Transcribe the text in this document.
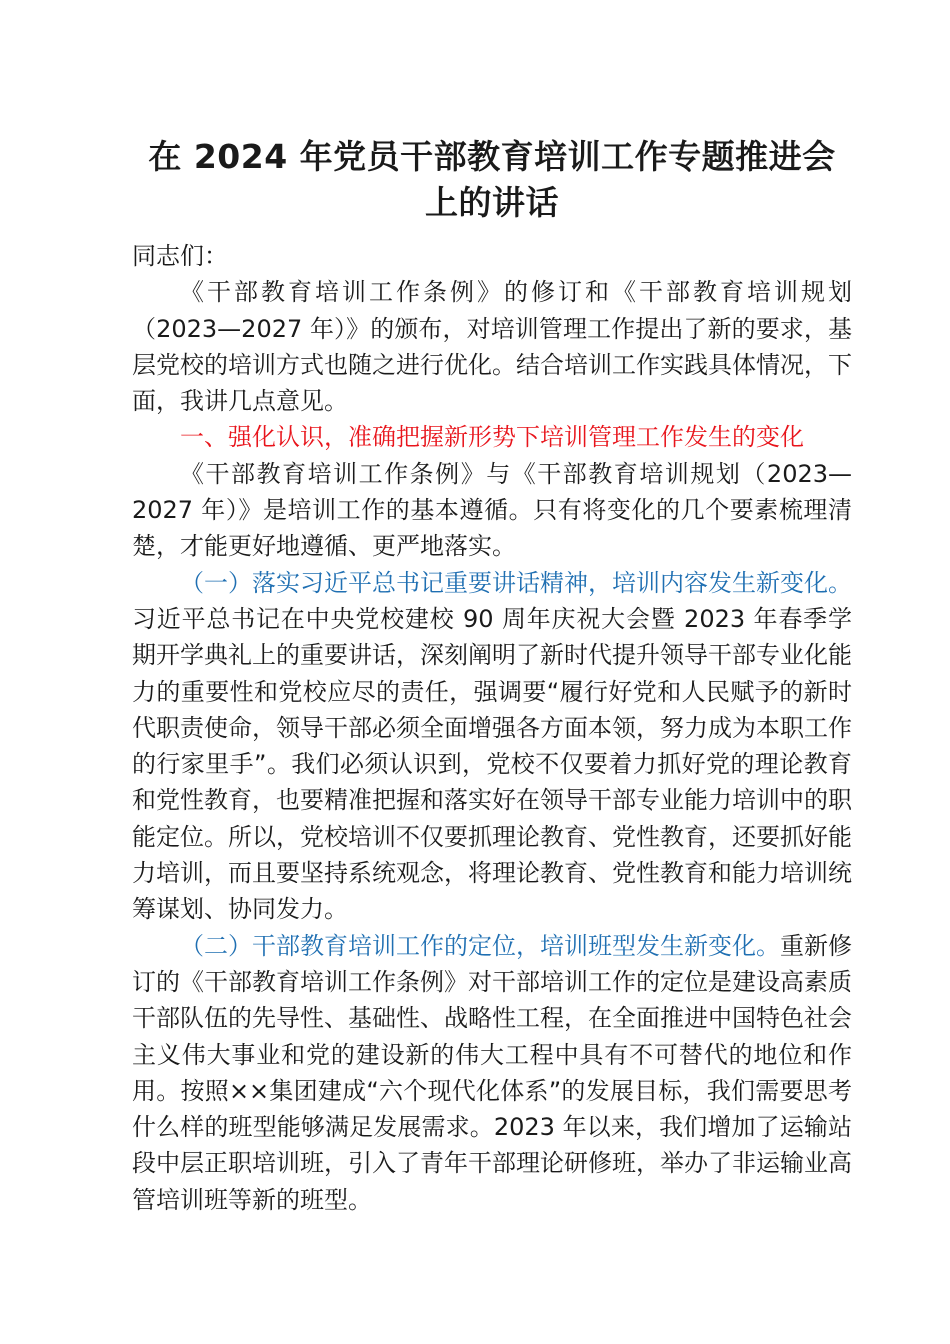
在 2024 年党员干部教育培训工作专题推进会上的讲话

同志们：

《干部教育培训工作条例》的修订和《干部教育培训规划（2023—2027 年）》的颁布，对培训管理工作提出了新的要求，基层党校的培训方式也随之进行优化。结合培训工作实践具体情况，下面，我讲几点意见。

一、强化认识，准确把握新形势下培训管理工作发生的变化

《干部教育培训工作条例》与《干部教育培训规划（2023—2027 年）》是培训工作的基本遵循。只有将变化的几个要素梳理清楚，才能更好地遵循、更严地落实。

（一）落实习近平总书记重要讲话精神，培训内容发生新变化。习近平总书记在中央党校建校 90 周年庆祝大会暨 2023 年春季学期开学典礼上的重要讲话，深刻阐明了新时代提升领导干部专业化能力的重要性和党校应尽的责任，强调要“履行好党和人民赋予的新时代职责使命，领导干部必须全面增强各方面本领，努力成为本职工作的行家里手”。我们必须认识到，党校不仅要着力抓好党的理论教育和党性教育，也要精准把握和落实好在领导干部专业能力培训中的职能定位。所以，党校培训不仅要抓理论教育、党性教育，还要抓好能力培训，而且要坚持系统观念，将理论教育、党性教育和能力培训统筹谋划、协同发力。

（二）干部教育培训工作的定位，培训班型发生新变化。重新修订的《干部教育培训工作条例》对干部培训工作的定位是建设高素质干部队伍的先导性、基础性、战略性工程，在全面推进中国特色社会主义伟大事业和党的建设新的伟大工程中具有不可替代的地位和作用。按照××集团建成“六个现代化体系”的发展目标，我们需要思考什么样的班型能够满足发展需求。2023 年以来，我们增加了运输站段中层正职培训班，引入了青年干部理论研修班，举办了非运输业高管培训班等新的班型。
